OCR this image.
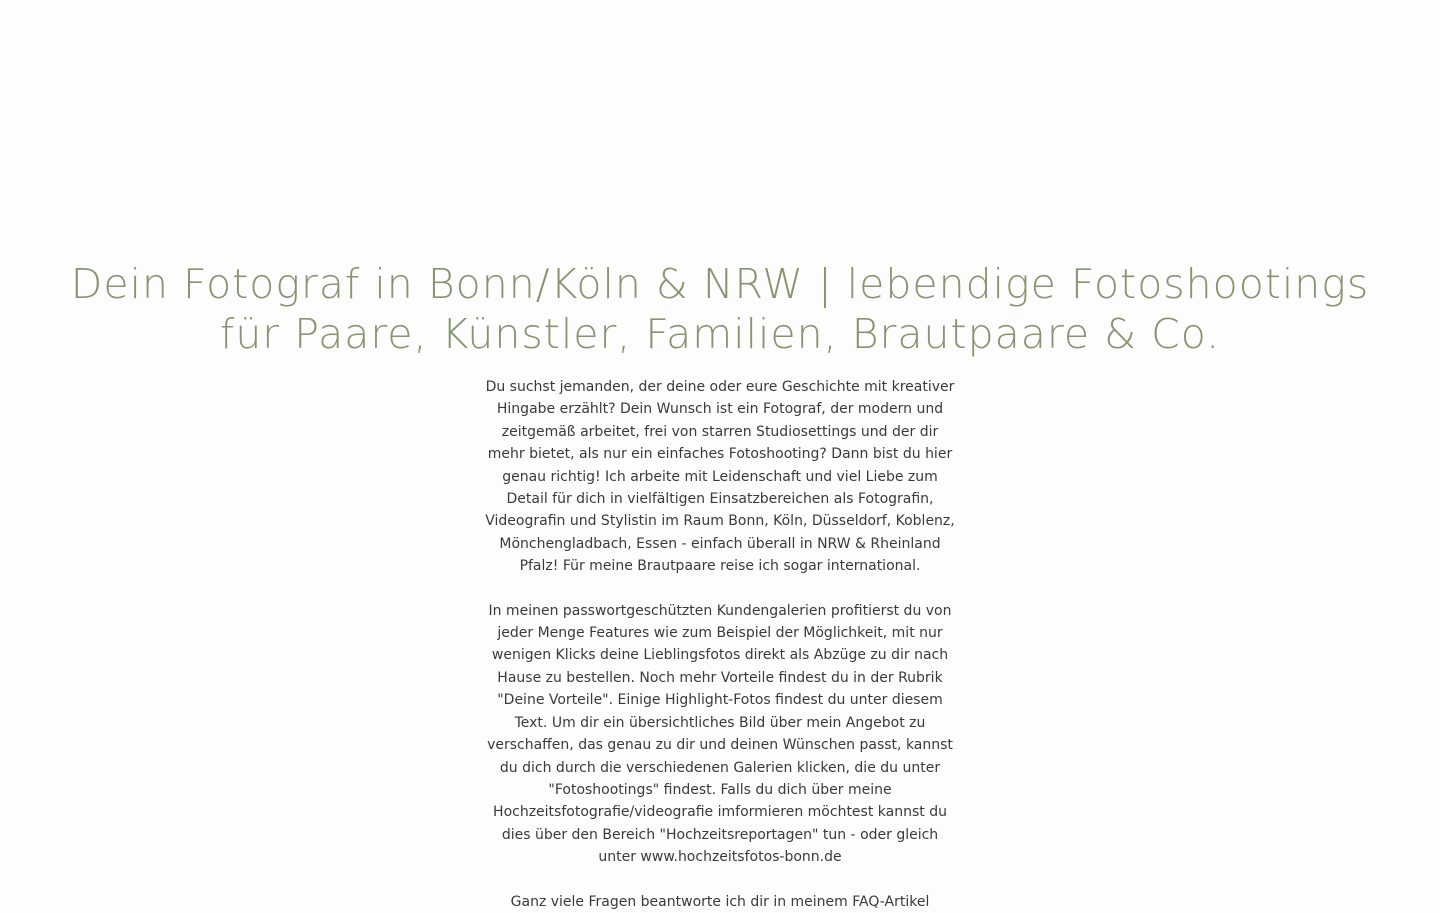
Dein Fotograf in Bonn/Köln & NRW | lebendige Fotoshootings
für Paare, Künstler, Familien, Brautpaare & Co.

Du suchst jemanden, der deine oder eure Geschichte mit kreativer
Hingabe erzählt? Dein Wunsch ist ein Fotograf, der modern und
zeitgemäß arbeitet, frei von starren Studiosettings und der dir
mehr bietet, als nur ein einfaches Fotoshooting? Dann bist du hier
genau richtig! Ich arbeite mit Leidenschaft und viel Liebe zum
Detail für dich in vielfältigen Einsatzbereichen als Fotografin,
Videografin und Stylistin im Raum Bonn, Köln, Düsseldorf, Koblenz,
Mönchengladbach, Essen - einfach überall in NRW & Rheinland
Pfalz! Für meine Brautpaare reise ich sogar international.

In meinen passwortgeschützten Kundengalerien profitierst du von
jeder Menge Features wie zum Beispiel der Möglichkeit, mit nur
wenigen Klicks deine Lieblingsfotos direkt als Abzüge zu dir nach
Hause zu bestellen. Noch mehr Vorteile findest du in der Rubrik
"Deine Vorteile". Einige Highlight-Fotos findest du unter diesem
Text. Um dir ein übersichtliches Bild über mein Angebot zu
verschaffen, das genau zu dir und deinen Wünschen passt, kannst
du dich durch die verschiedenen Galerien klicken, die du unter
"Fotoshootings" findest. Falls du dich über meine
Hochzeitsfotografie/videografie imformieren möchtest kannst du
dies über den Bereich "Hochzeitsreportagen" tun - oder gleich
unter www.hochzeitsfotos-bonn.de

Ganz viele Fragen beantworte ich dir in meinem FAQ-Artikel
